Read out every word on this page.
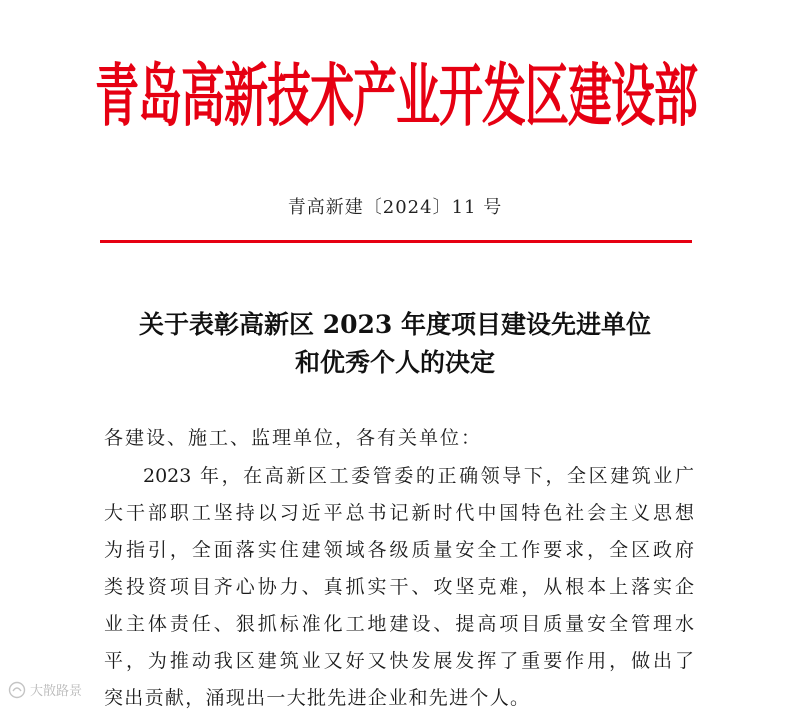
青岛高新技术产业开发区建设部
青高新建〔2024〕11 号
关于表彰高新区 2023 年度项目建设先进单位
和优秀个人的决定
各建设、施工、监理单位，各有关单位：
2023 年，在高新区工委管委的正确领导下，全区建筑业广
大干部职工坚持以习近平总书记新时代中国特色社会主义思想
为指引，全面落实住建领域各级质量安全工作要求，全区政府
类投资项目齐心协力、真抓实干、攻坚克难，从根本上落实企
业主体责任、狠抓标准化工地建设、提高项目质量安全管理水
平，为推动我区建筑业又好又快发展发挥了重要作用，做出了
突出贡献，涌现出一大批先进企业和先进个人。
大散路景
